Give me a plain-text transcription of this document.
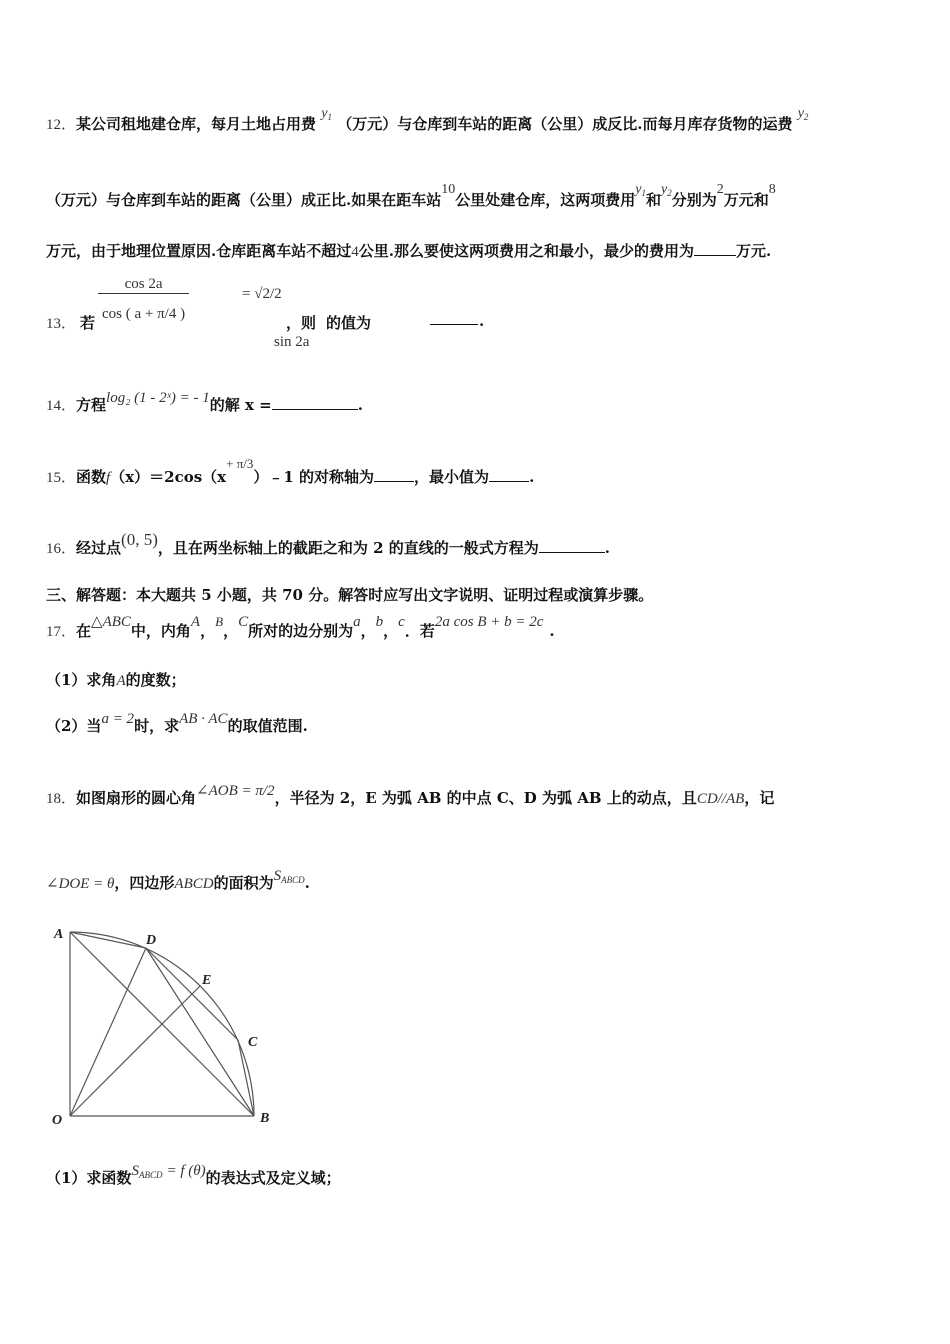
12．某公司租地建仓库，每月土地占用费 $y_1$ （万元）与仓库到车站的距离（公里）成反比.而每月库存货物的运费 $y_2$
（万元）与仓库到车站的距离（公里）成正比.如果在距车站10公里处建仓库，这两项费用$y_1$和$y_2$分别为2万元和8
万元，由于地理位置原因.仓库距离车站不超过4公里.那么要使这两项费用之和最小，最少的费用为	万元.
13． 若 $\frac{\cos 2a}{\cos ( a + \pi/4 )}$	= √2/2
，则
sin 2a
的值为	.
14．方程log₂ (1 - 2ˣ) = - 1的解 x =	.
15．函数f（x）＝2cos（x+ π/3）﹣1 的对称轴为	，最小值为	.
16．经过点(0, 5)，且在两坐标轴上的截距之和为 2 的直线的一般式方程为	.
三、解答题：本大题共 5 小题，共 70 分。解答时应写出文字说明、证明过程或演算步骤。
17．在△ABC中，内角A，B，C所对的边分别为a，b，c．若2a cos B + b = 2c .
（1）求角A的度数；
（2）当a = 2时，求AB · AC的取值范围.
18．如图扇形的圆心角∠AOB = π/2，半径为 2，E 为弧 AB 的中点 C、D 为弧 AB 上的动点，且CD//AB，记
∠DOE = θ，四边形ABCD的面积为$S_{ABCD}$.
A	D
E
C
O	B
（1）求函数$S_{ABCD} = f$ (θ)的表达式及定义域；
